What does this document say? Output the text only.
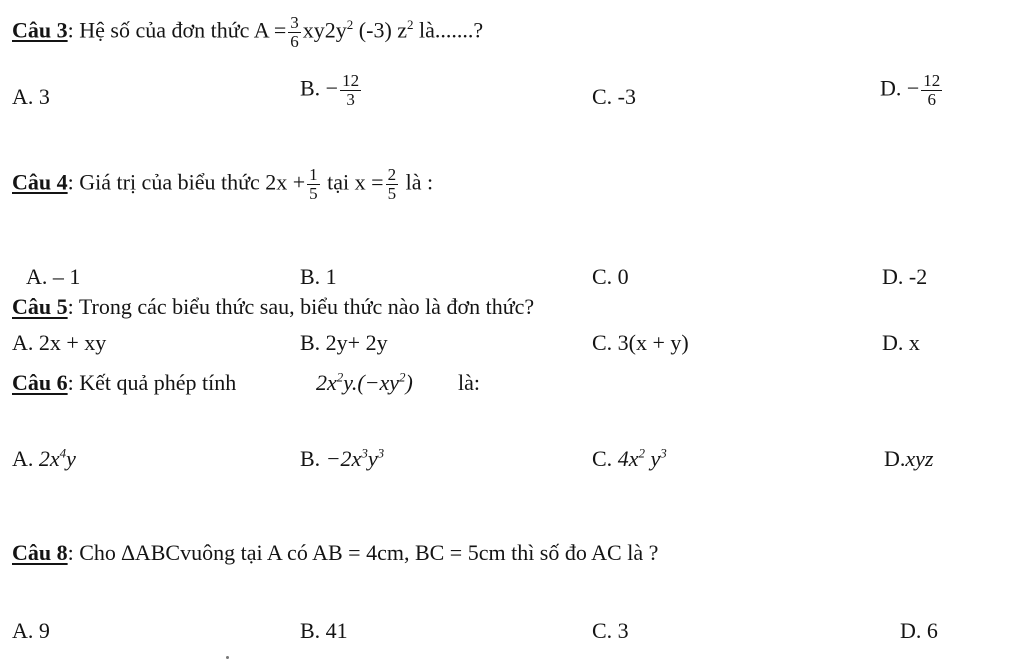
Câu 3: Hệ số của đơn thức $A = \frac{3}{6} xy2y^2$ (-3) $z^2$ là.......?
A. 3	B. − $\frac{12}{3}$	C. -3	D. − $\frac{12}{6}$
Câu 4: Giá trị của biểu thức $2x + \frac{1}{5}$ tại $x = \frac{2}{5}$ là :
A. – 1	B. 1	C. 0	D. -2
Câu 5: Trong các biểu thức sau, biểu thức nào là đơn thức?
A. 2x + xy	B. 2y+ 2y	C. 3(x + y)	D. x
Câu 6: Kết quả phép tính	$2x^2y.(-xy^2)$ là:
A. $2x^4y$	B. $-2x^3y^3$	C. $4x^2$ $y^3$	D.xyz
Câu 8: Cho ∆ABCvuông tại A có AB = 4cm, BC = 5cm thì số đo AC là ?
A. 9	B. 41	C. 3	D. 6
